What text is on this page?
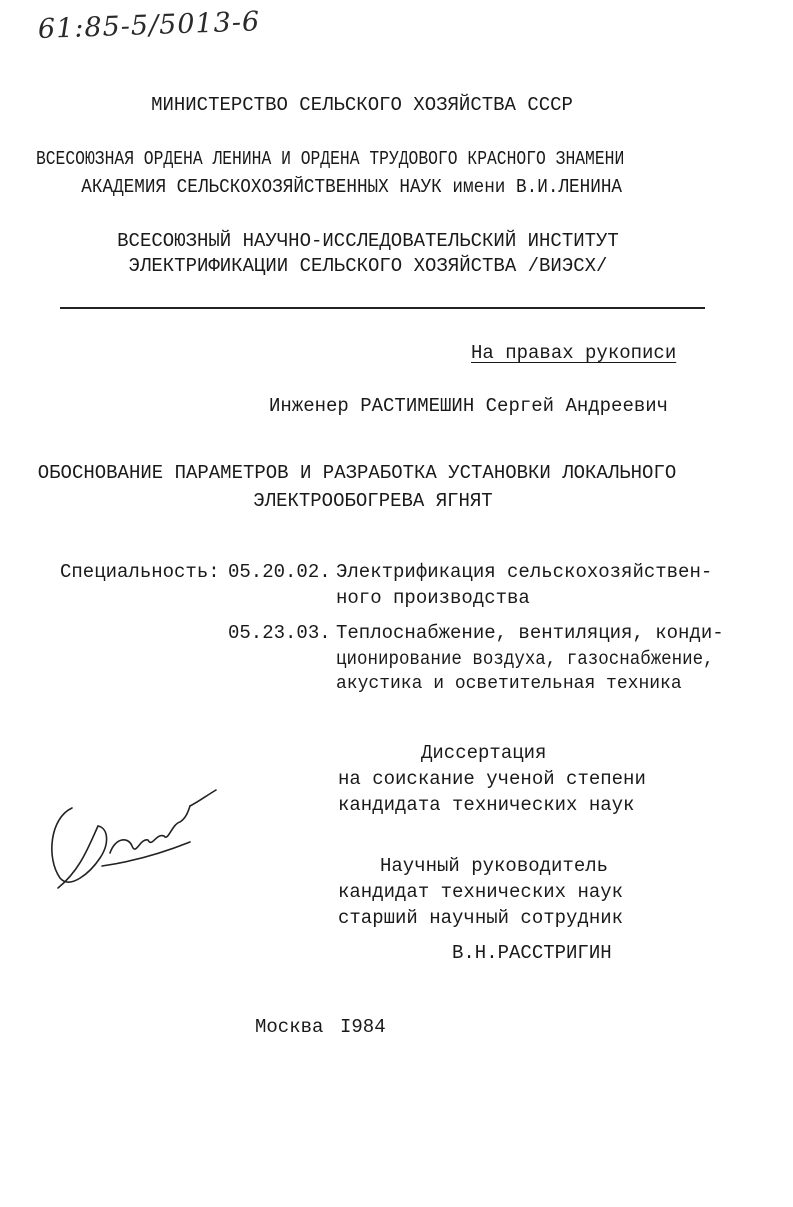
61:85-5/5013-6
МИНИСТЕРСТВО СЕЛЬСКОГО ХОЗЯЙСТВА СССР
ВСЕСОЮЗНАЯ ОРДЕНА ЛЕНИНА И ОРДЕНА ТРУДОВОГО КРАСНОГО ЗНАМЕНИ
АКАДЕМИЯ СЕЛЬСКОХОЗЯЙСТВЕННЫХ НАУК имени В.И.ЛЕНИНА
ВСЕСОЮЗНЫЙ НАУЧНО-ИССЛЕДОВАТЕЛЬСКИЙ ИНСТИТУТ
ЭЛЕКТРИФИКАЦИИ СЕЛЬСКОГО ХОЗЯЙСТВА /ВИЭСХ/
На правах рукописи
Инженер РАСТИМЕШИН Сергей Андреевич
ОБОСНОВАНИЕ ПАРАМЕТРОВ И РАЗРАБОТКА УСТАНОВКИ ЛОКАЛЬНОГО
ЭЛЕКТРООБОГРЕВА ЯГНЯТ
Специальность: 05.20.02. Электрификация сельскохозяйствен-
ного производства
05.23.03. Теплоснабжение, вентиляция, конди-
ционирование воздуха, газоснабжение,
акустика и осветительная техника
Диссертация
на соискание ученой степени
кандидата технических наук
Научный руководитель
кандидат технических наук
старший научный сотрудник
В.Н.РАССТРИГИН
Москва I984
